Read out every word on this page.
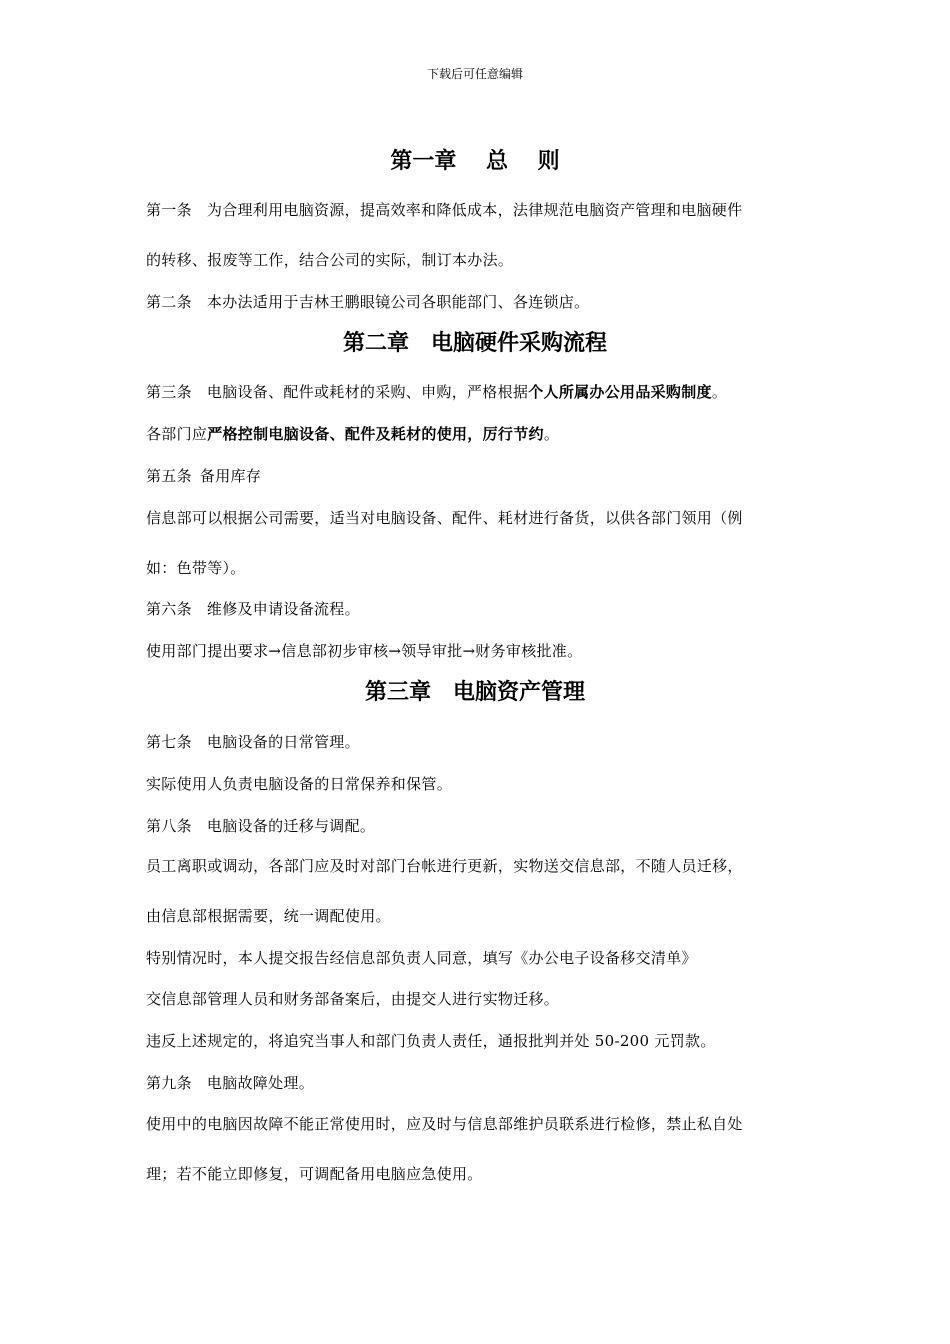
下载后可任意编辑
第一章　 总　 则
第一条 为合理利用电脑资源，提高效率和降低成本，法律规范电脑资产管理和电脑硬件
的转移、报废等工作，结合公司的实际，制订本办法。
第二条 本办法适用于吉林王鹏眼镜公司各职能部门、各连锁店。
第二章　电脑硬件采购流程
第三条 电脑设备、配件或耗材的采购、申购，严格根据个人所属办公用品采购制度。
各部门应严格控制电脑设备、配件及耗材的使用，厉行节约。
第五条 备用库存
信息部可以根据公司需要，适当对电脑设备、配件、耗材进行备货，以供各部门领用（例
如：色带等）。
第六条 维修及申请设备流程。
使用部门提出要求→信息部初步审核→领导审批→财务审核批准。
第三章　电脑资产管理
第七条 电脑设备的日常管理。
实际使用人负责电脑设备的日常保养和保管。
第八条 电脑设备的迁移与调配。
员工离职或调动，各部门应及时对部门台帐进行更新，实物送交信息部，不随人员迁移，
由信息部根据需要，统一调配使用。
特别情况时，本人提交报告经信息部负责人同意，填写《办公电子设备移交清单》
交信息部管理人员和财务部备案后，由提交人进行实物迁移。
违反上述规定的，将追究当事人和部门负责人责任，通报批判并处 50-200 元罚款。
第九条 电脑故障处理。
使用中的电脑因故障不能正常使用时，应及时与信息部维护员联系进行检修，禁止私自处
理；若不能立即修复，可调配备用电脑应急使用。
